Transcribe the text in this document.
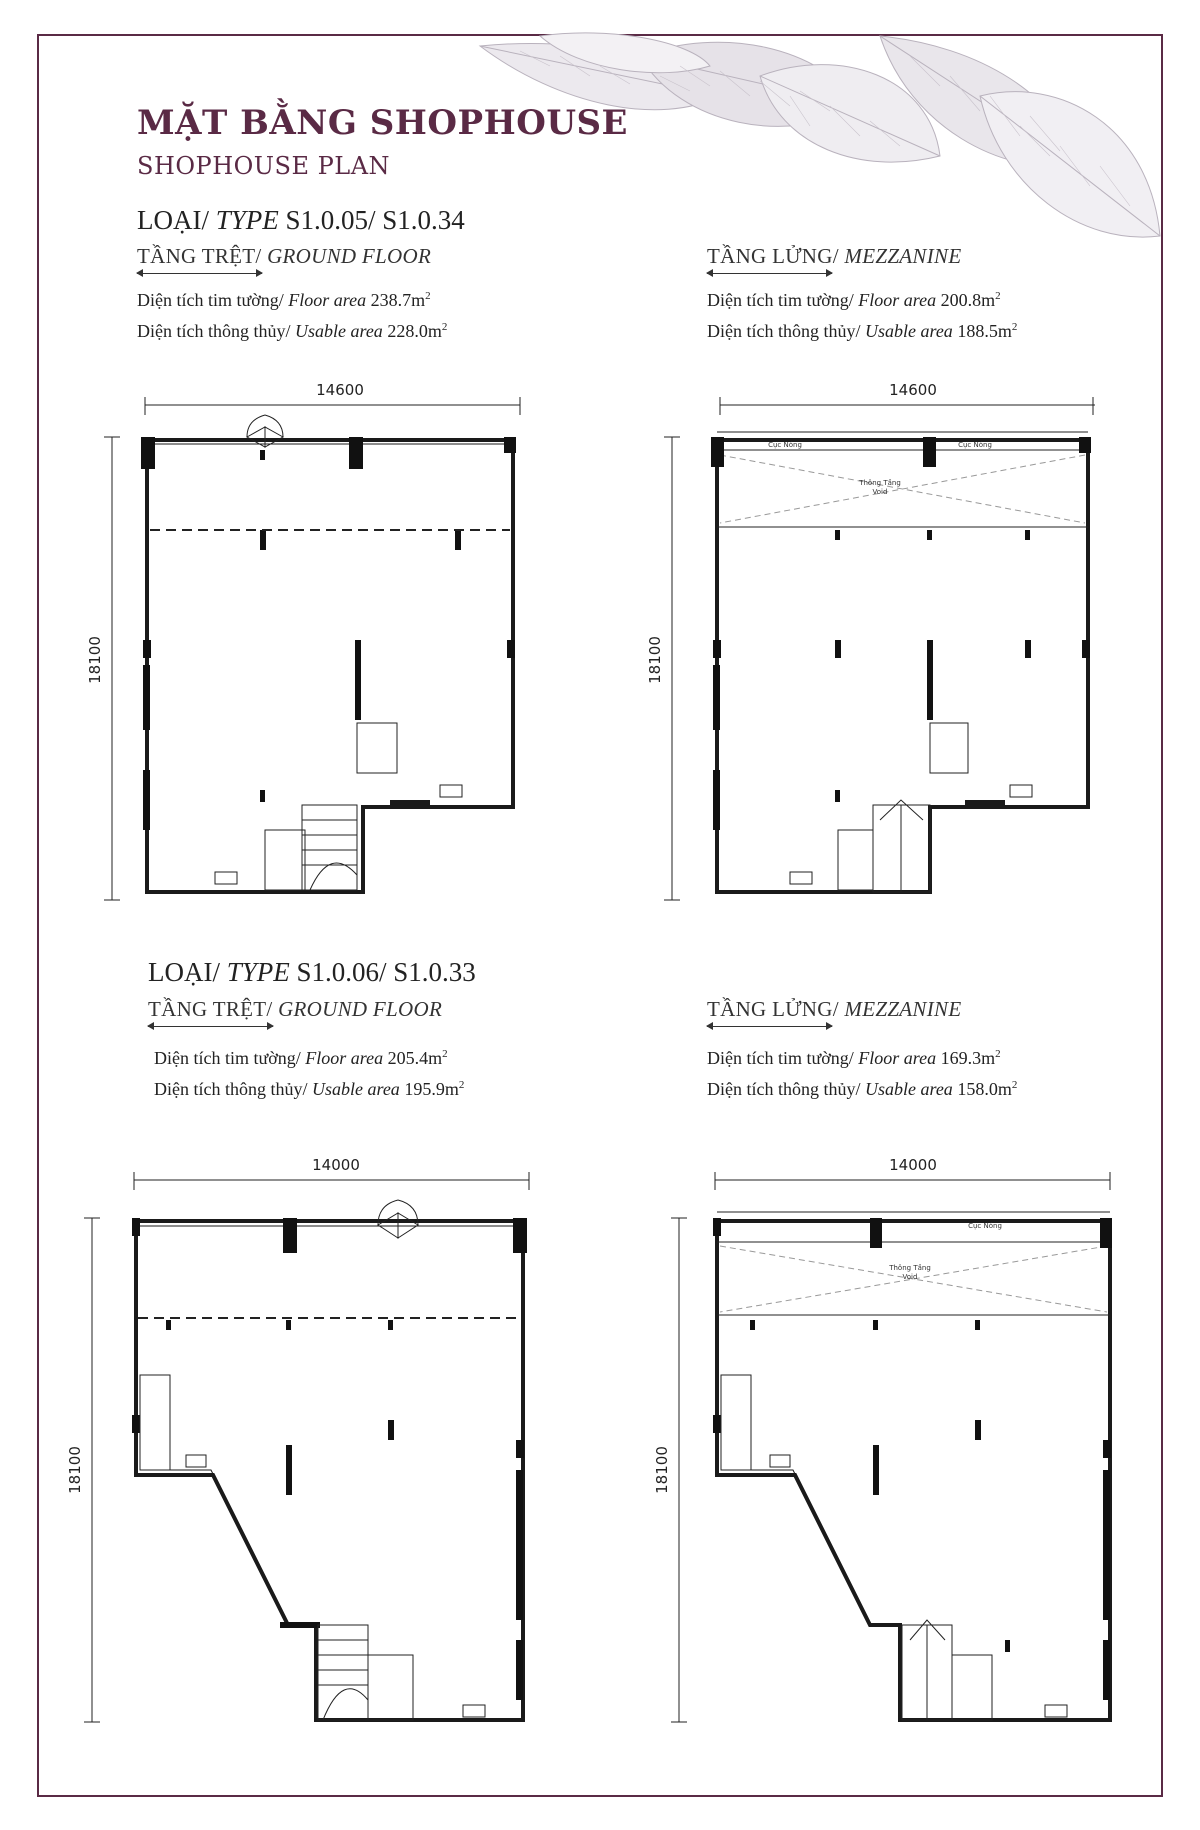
MẶT BẰNG SHOPHOUSE
SHOPHOUSE PLAN
LOẠI/ TYPE S1.0.05/ S1.0.34
TẦNG TRỆT/ GROUND FLOOR
Diện tích tim tường/ Floor area $238.7m^2$
Diện tích thông thủy/ Usable area $228.0m^2$
TẦNG LỬNG/ MEZZANINE
Diện tích tim tường/ Floor area $200.8m^2$
Diện tích thông thủy/ Usable area $188.5m^2$
14600
18100
14600
18100
Cục Nóng	Cục Nóng
Thông Tầng
Void
LOẠI/ TYPE S1.0.06/ S1.0.33
TẦNG TRỆT/ GROUND FLOOR
Diện tích tim tường/ Floor area $205.4m^2$
Diện tích thông thủy/ Usable area $195.9m^2$
TẦNG LỬNG/ MEZZANINE
Diện tích tim tường/ Floor area $169.3m^2$
Diện tích thông thủy/ Usable area $158.0m^2$
14000
18100
14000
18100
Cục Nóng
Thông Tầng
Void
